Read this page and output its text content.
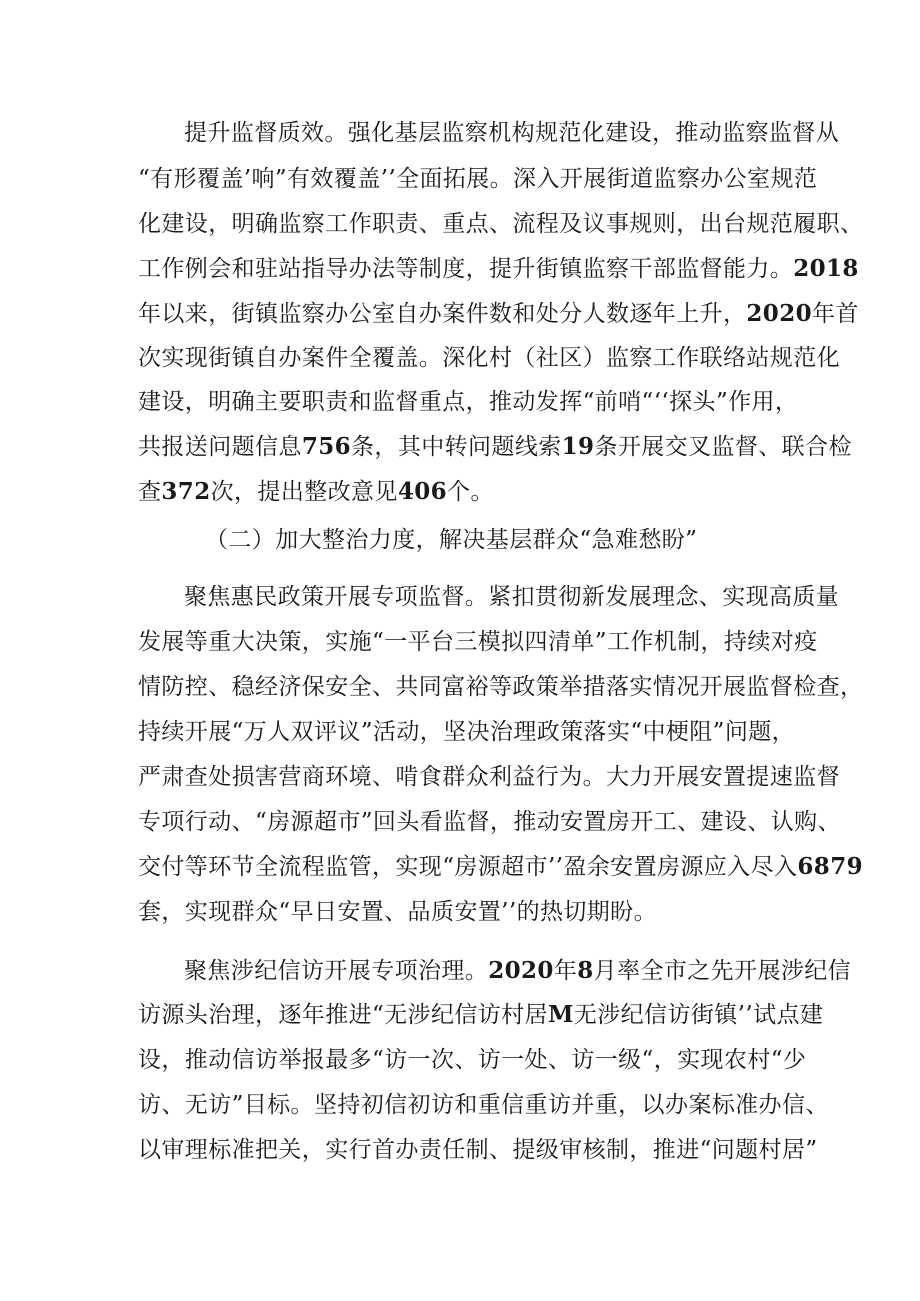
提升监督质效。强化基层监察机构规范化建设，推动监察监督从
“有形覆盖’响”有效覆盖’’全面拓展。深入开展街道监察办公室规范
化建设，明确监察工作职责、重点、流程及议事规则，出台规范履职、
工作例会和驻站指导办法等制度，提升街镇监察干部监督能力。2018
年以来，街镇监察办公室自办案件数和处分人数逐年上升，2020年首
次实现街镇自办案件全覆盖。深化村（社区）监察工作联络站规范化
建设，明确主要职责和监督重点，推动发挥“前哨“‘‘探头”作用，
共报送问题信息756条，其中转问题线索19条开展交叉监督、联合检
查372次，提出整改意见406个。
（二）加大整治力度，解决基层群众“急难愁盼”
聚焦惠民政策开展专项监督。紧扣贯彻新发展理念、实现高质量
发展等重大决策，实施“一平台三模拟四清单”工作机制，持续对疫
情防控、稳经济保安全、共同富裕等政策举措落实情况开展监督检查，
持续开展“万人双评议”活动，坚决治理政策落实“中梗阻”问题，
严肃查处损害营商环境、啃食群众利益行为。大力开展安置提速监督
专项行动、“房源超市”回头看监督，推动安置房开工、建设、认购、
交付等环节全流程监管，实现“房源超市’’盈余安置房源应入尽入6879
套，实现群众“早日安置、品质安置’’的热切期盼。
聚焦涉纪信访开展专项治理。2020年8月率全市之先开展涉纪信
访源头治理，逐年推进“无涉纪信访村居M无涉纪信访街镇’’试点建
设，推动信访举报最多“访一次、访一处、访一级“，实现农村“少
访、无访”目标。坚持初信初访和重信重访并重，以办案标准办信、
以审理标准把关，实行首办责任制、提级审核制，推进“问题村居”
